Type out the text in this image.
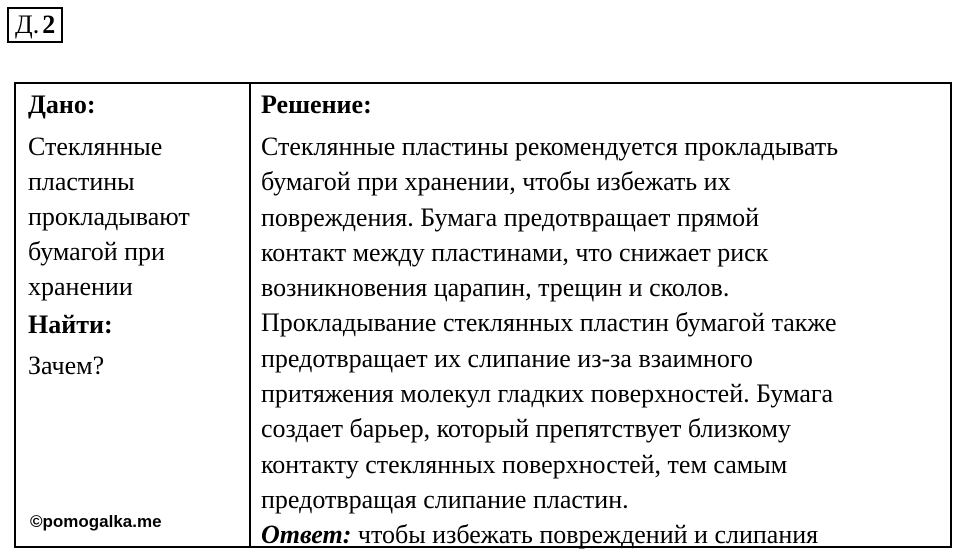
Д. 2

Дано:

Стеклянные пластины прокладывают бумагой при хранении

Найти:

Зачем?

©pomogalka.me

Решение:

Стеклянные пластины рекомендуется прокладывать
бумагой при хранении, чтобы избежать их
повреждения. Бумага предотвращает прямой
контакт между пластинами, что снижает риск
возникновения царапин, трещин и сколов.
Прокладывание стеклянных пластин бумагой также
предотвращает их слипание из-за взаимного
притяжения молекул гладких поверхностей. Бумага
создает барьер, который препятствует близкому
контакту стеклянных поверхностей, тем самым
предотвращая слипание пластин.

Ответ: чтобы избежать повреждений и слипания
